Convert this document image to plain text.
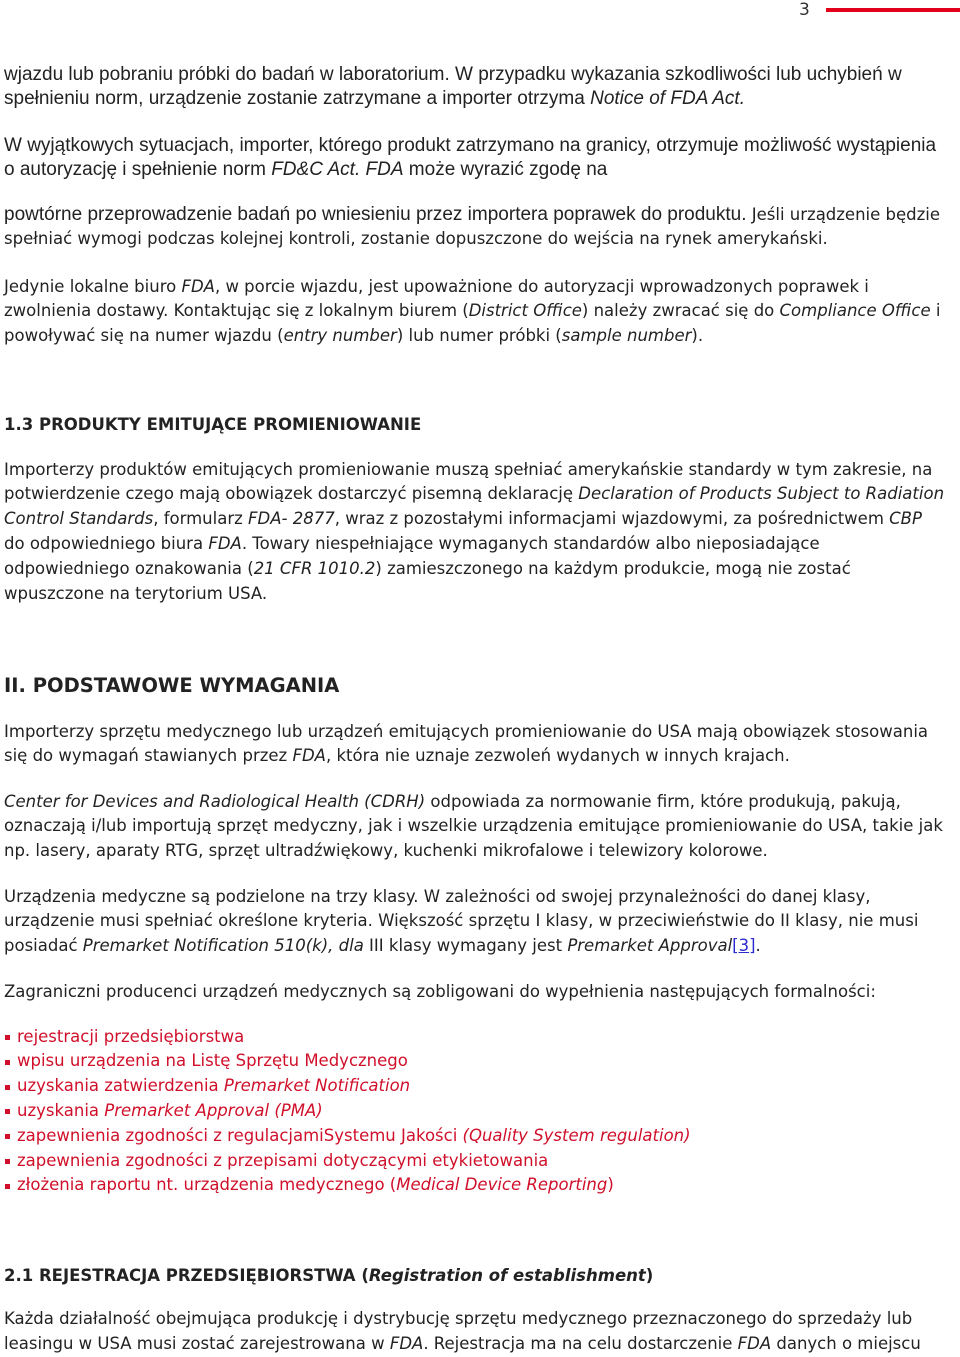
3
wjazdu lub pobraniu próbki do badań w laboratorium. W przypadku wykazania szkodliwości lub uchybień w
spełnieniu norm, urządzenie zostanie zatrzymane a importer otrzyma Notice of FDA Act.
W wyjątkowych sytuacjach, importer, którego produkt zatrzymano na granicy, otrzymuje możliwość wystąpienia
o autoryzację i spełnienie norm FD&C Act. FDA może wyrazić zgodę na
powtórne przeprowadzenie badań po wniesieniu przez importera poprawek do produktu. Jeśli urządzenie będzie
spełniać wymogi podczas kolejnej kontroli, zostanie dopuszczone do wejścia na rynek amerykański.
Jedynie lokalne biuro FDA, w porcie wjazdu, jest upoważnione do autoryzacji wprowadzonych poprawek i
zwolnienia dostawy. Kontaktując się z lokalnym biurem (District Office) należy zwracać się do Compliance Office i
powoływać się na numer wjazdu (entry number) lub numer próbki (sample number).
1.3 PRODUKTY EMITUJĄCE PROMIENIOWANIE
Importerzy produktów emitujących promieniowanie muszą spełniać amerykańskie standardy w tym zakresie, na
potwierdzenie czego mają obowiązek dostarczyć pisemną deklarację Declaration of Products Subject to Radiation
Control Standards, formularz FDA- 2877, wraz z pozostałymi informacjami wjazdowymi, za pośrednictwem CBP
do odpowiedniego biura FDA. Towary niespełniające wymaganych standardów albo nieposiadające
odpowiedniego oznakowania (21 CFR 1010.2) zamieszczonego na każdym produkcie, mogą nie zostać
wpuszczone na terytorium USA.
II. PODSTAWOWE WYMAGANIA
Importerzy sprzętu medycznego lub urządzeń emitujących promieniowanie do USA mają obowiązek stosowania
się do wymagań stawianych przez FDA, która nie uznaje zezwoleń wydanych w innych krajach.
Center for Devices and Radiological Health (CDRH) odpowiada za normowanie firm, które produkują, pakują,
oznaczają i/lub importują sprzęt medyczny, jak i wszelkie urządzenia emitujące promieniowanie do USA, takie jak
np. lasery, aparaty RTG, sprzęt ultradźwiękowy, kuchenki mikrofalowe i telewizory kolorowe.
Urządzenia medyczne są podzielone na trzy klasy. W zależności od swojej przynależności do danej klasy,
urządzenie musi spełniać określone kryteria. Większość sprzętu I klasy, w przeciwieństwie do II klasy, nie musi
posiadać Premarket Notification 510(k), dla III klasy wymagany jest Premarket Approval[3].
Zagraniczni producenci urządzeń medycznych są zobligowani do wypełnienia następujących formalności:
rejestracji przedsiębiorstwa
wpisu urządzenia na Listę Sprzętu Medycznego
uzyskania zatwierdzenia Premarket Notification
uzyskania Premarket Approval (PMA)
zapewnienia zgodności z regulacjamiSystemu Jakości (Quality System regulation)
zapewnienia zgodności z przepisami dotyczącymi etykietowania
złożenia raportu nt. urządzenia medycznego (Medical Device Reporting)
2.1 REJESTRACJA PRZEDSIĘBIORSTWA (Registration of establishment)
Każda działalność obejmująca produkcję i dystrybucję sprzętu medycznego przeznaczonego do sprzedaży lub
leasingu w USA musi zostać zarejestrowana w FDA. Rejestracja ma na celu dostarczenie FDA danych o miejscu
